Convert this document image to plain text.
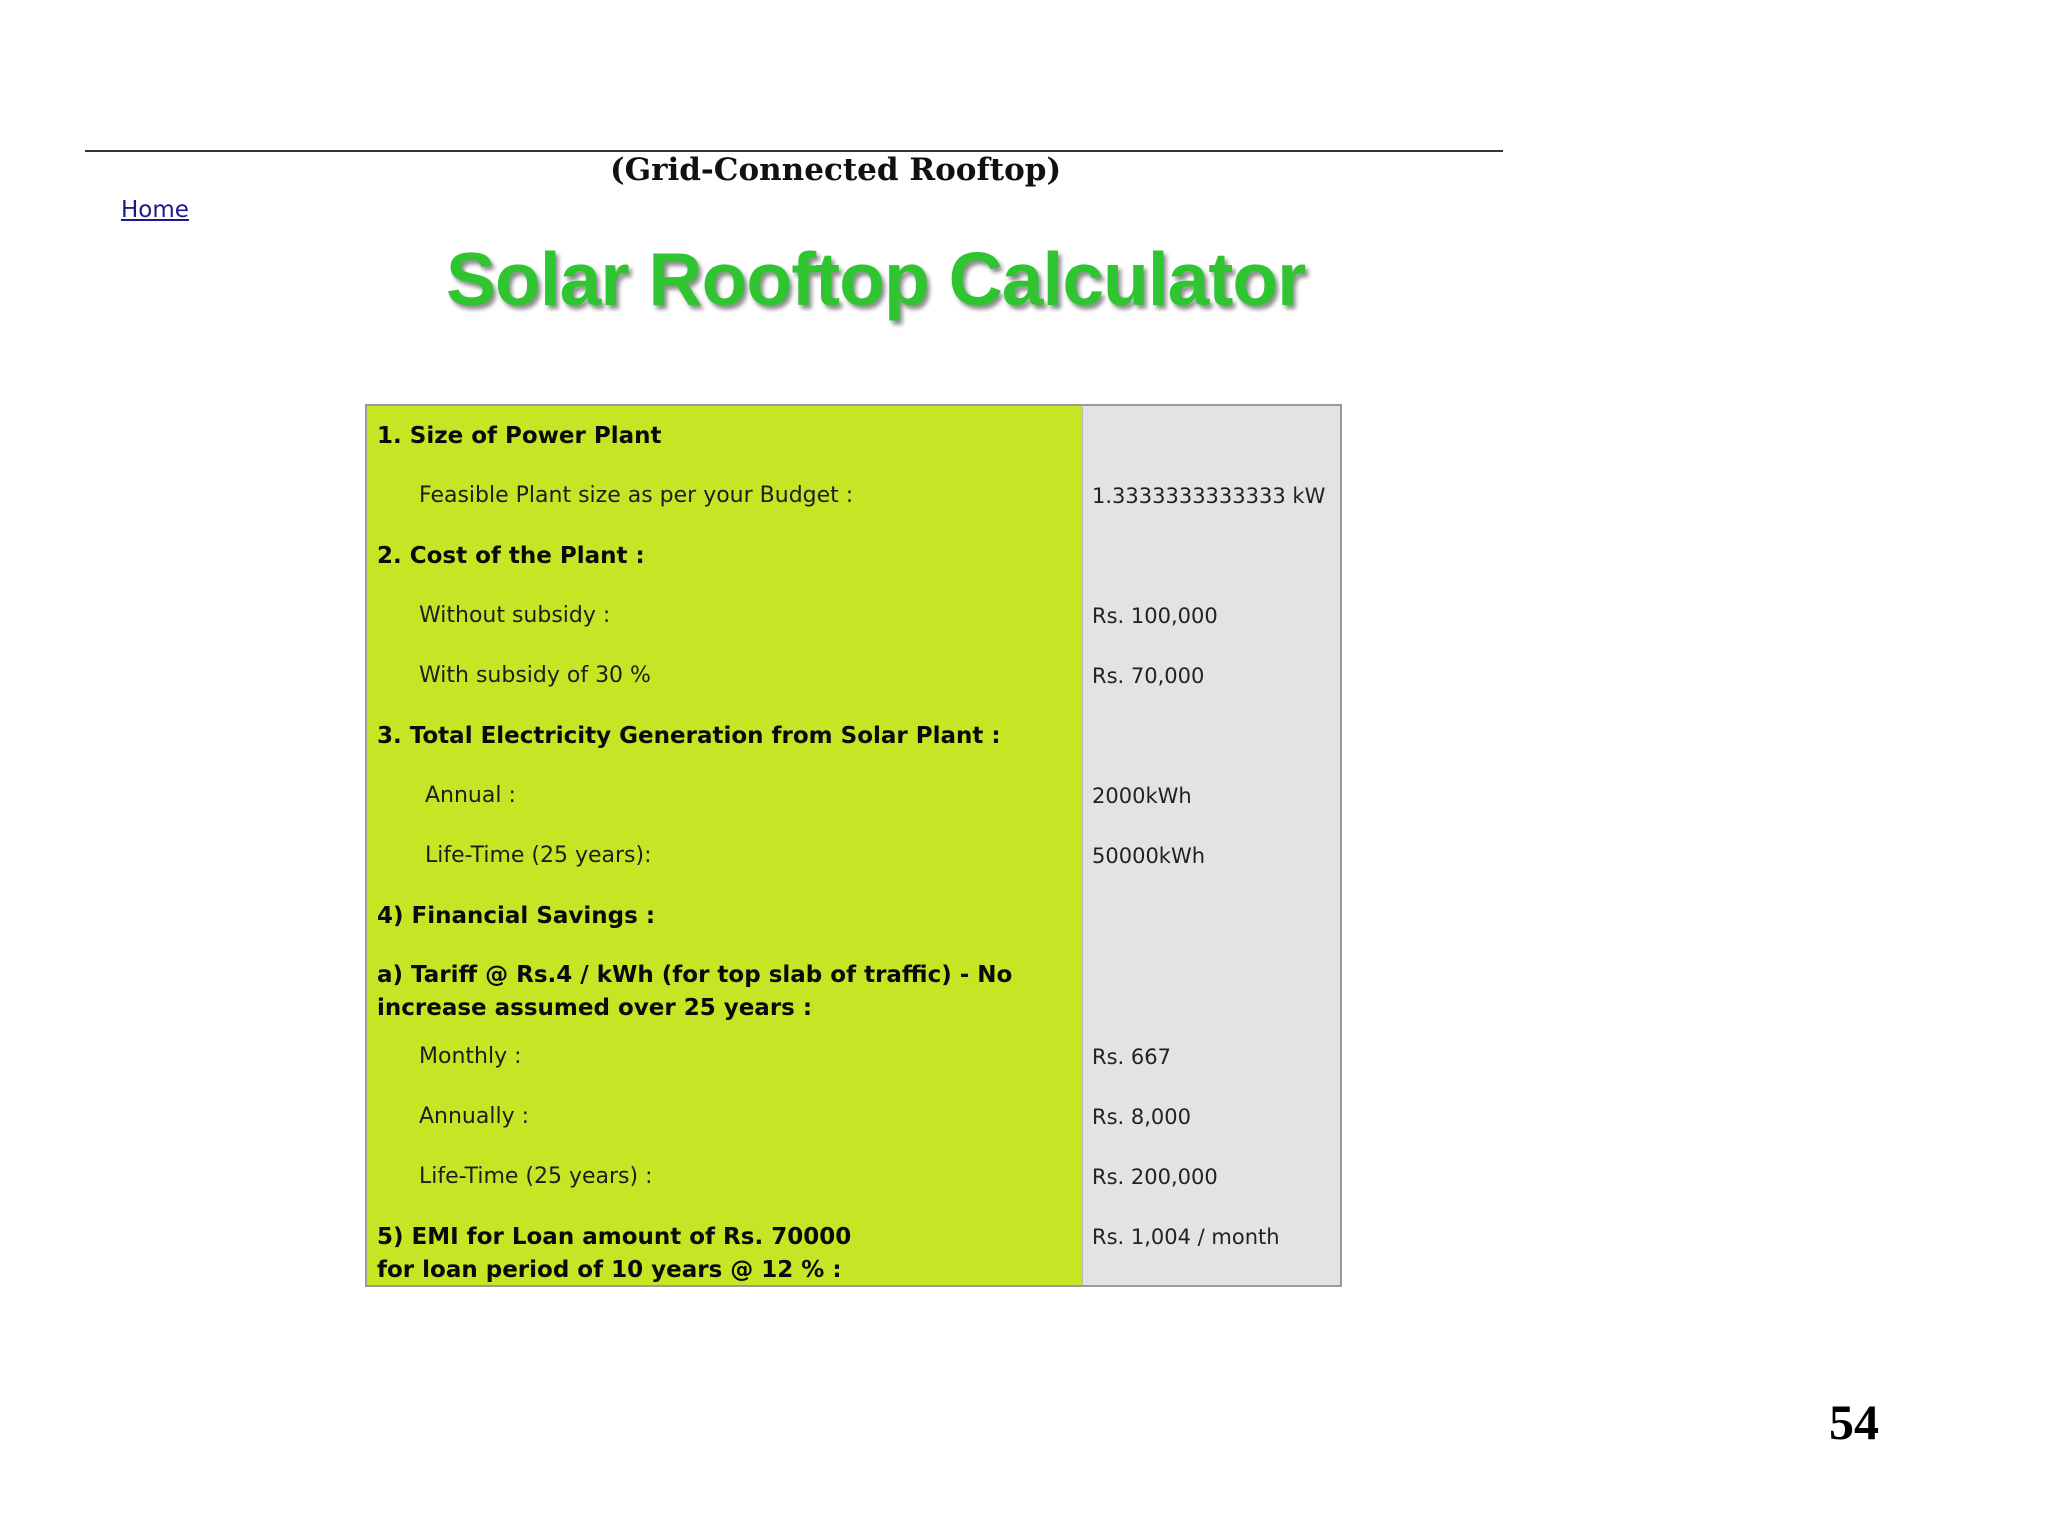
(Grid-Connected Rooftop)
Home
Solar Rooftop Calculator
1. Size of Power Plant
Feasible Plant size as per your Budget :
2. Cost of the Plant :
Without subsidy :
With subsidy of 30 %
3. Total Electricity Generation from Solar Plant :
Annual :
Life-Time (25 years):
4) Financial Savings :
a) Tariff @ Rs.4 / kWh (for top slab of traffic) - No
increase assumed over 25 years :
Monthly :
Annually :
Life-Time (25 years) :
5) EMI for Loan amount of Rs. 70000
for loan period of 10 years @ 12 % :
1.3333333333333 kW
Rs. 100,000
Rs. 70,000
2000kWh
50000kWh
Rs. 667
Rs. 8,000
Rs. 200,000
Rs. 1,004 / month
54
